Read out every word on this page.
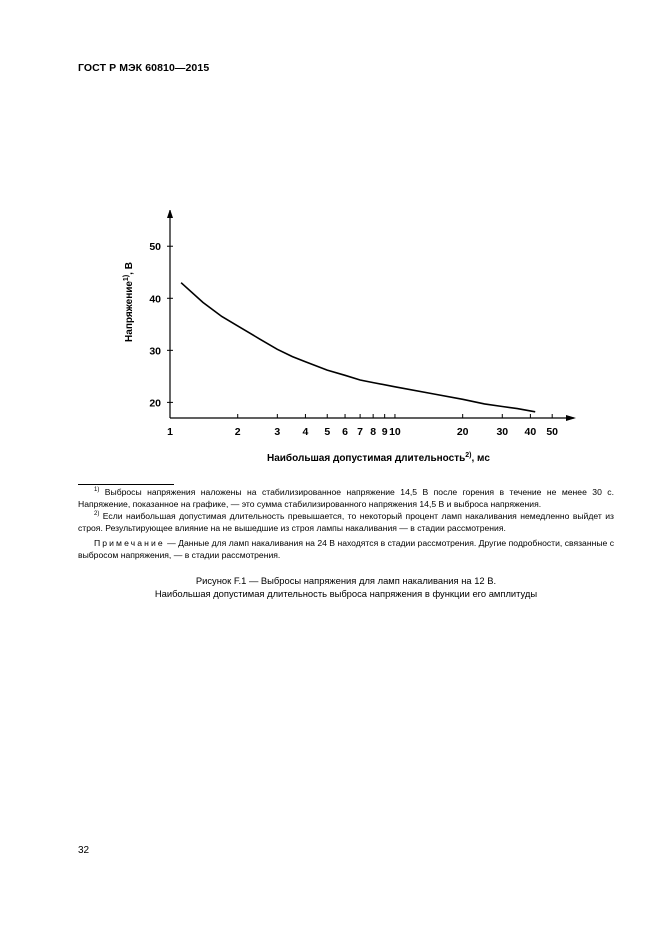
ГОСТ Р МЭК 60810—2015
1	2	3 4 5 6 7 8 9 10	20	30 40 50
20
30
40
50
Напряжение$^{1)}$, В
Наибольшая допустимая длительность$^{2)}$, мс

$^{1)}$ Выбросы напряжения наложены на стабилизированное напряжение 14,5 В после горения в течение не менее 30 с. Напряжение, показанное на графике, — это сумма стабилизированного напряжения 14,5 В и выброса напряжения.

$^{2)}$ Если наибольшая допустимая длительность превышается, то некоторый процент ламп накаливания немедленно выйдет из строя. Результирующее влияние на не вышедшие из строя лампы накаливания — в стадии рассмотрения.

Примечание — Данные для ламп накаливания на 24 В находятся в стадии рассмотрения. Другие подробности, связанные с выбросом напряжения, — в стадии рассмотрения.

Рисунок F.1 — Выбросы напряжения для ламп накаливания на 12 В.
Наибольшая допустимая длительность выброса напряжения в функции его амплитуды
32
